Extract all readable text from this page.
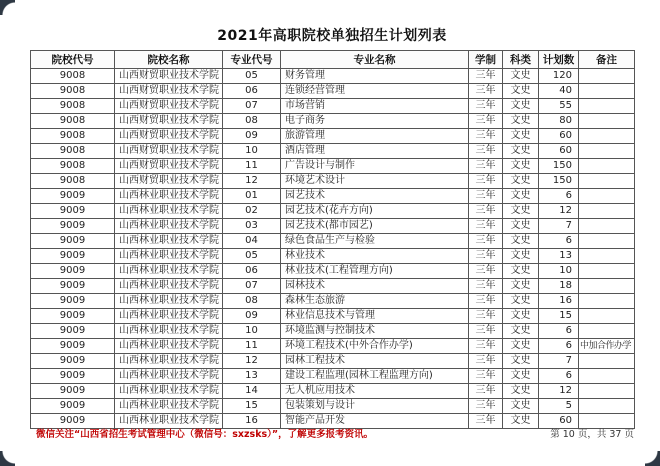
2021年高职院校单独招生计划列表
院校代号	院校名称	专业代号	专业名称	学制	科类	计划数	备注
9008	山西财贸职业技术学院	05	财务管理	三年	文史	120	
9008	山西财贸职业技术学院	06	连锁经营管理	三年	文史	40	
9008	山西财贸职业技术学院	07	市场营销	三年	文史	55	
9008	山西财贸职业技术学院	08	电子商务	三年	文史	80	
9008	山西财贸职业技术学院	09	旅游管理	三年	文史	60	
9008	山西财贸职业技术学院	10	酒店管理	三年	文史	60	
9008	山西财贸职业技术学院	11	广告设计与制作	三年	文史	150	
9008	山西财贸职业技术学院	12	环境艺术设计	三年	文史	150	
9009	山西林业职业技术学院	01	园艺技术	三年	文史	6	
9009	山西林业职业技术学院	02	园艺技术(花卉方向)	三年	文史	12	
9009	山西林业职业技术学院	03	园艺技术(都市园艺)	三年	文史	7	
9009	山西林业职业技术学院	04	绿色食品生产与检验	三年	文史	6	
9009	山西林业职业技术学院	05	林业技术	三年	文史	13	
9009	山西林业职业技术学院	06	林业技术(工程管理方向)	三年	文史	10	
9009	山西林业职业技术学院	07	园林技术	三年	文史	18	
9009	山西林业职业技术学院	08	森林生态旅游	三年	文史	16	
9009	山西林业职业技术学院	09	林业信息技术与管理	三年	文史	15	
9009	山西林业职业技术学院	10	环境监测与控制技术	三年	文史	6	
9009	山西林业职业技术学院	11	环境工程技术(中外合作办学)	三年	文史	6	中加合作办学
9009	山西林业职业技术学院	12	园林工程技术	三年	文史	7	
9009	山西林业职业技术学院	13	建设工程监理(园林工程监理方向)	三年	文史	6	
9009	山西林业职业技术学院	14	无人机应用技术	三年	文史	12	
9009	山西林业职业技术学院	15	包装策划与设计	三年	文史	5	
9009	山西林业职业技术学院	16	智能产品开发	三年	文史	60	
微信关注“山西省招生考试管理中心（微信号：sxzsks）”，了解更多报考资讯。	第 10 页，共 37 页
